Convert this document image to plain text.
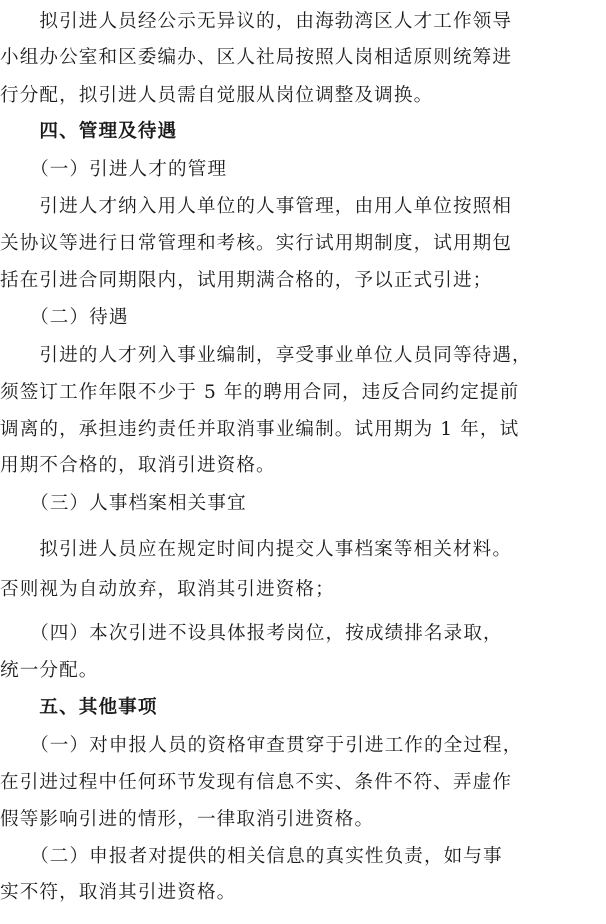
　　拟引进人员经公示无异议的，由海勃湾区人才工作领导
小组办公室和区委编办、区人社局按照人岗相适原则统筹进
行分配，拟引进人员需自觉服从岗位调整及调换。
　　四、管理及待遇
　　（一）引进人才的管理
　　引进人才纳入用人单位的人事管理，由用人单位按照相
关协议等进行日常管理和考核。实行试用期制度，试用期包
括在引进合同期限内，试用期满合格的，予以正式引进；
　　（二）待遇
　　引进的人才列入事业编制，享受事业单位人员同等待遇，
须签订工作年限不少于 5 年的聘用合同，违反合同约定提前
调离的，承担违约责任并取消事业编制。试用期为 1 年，试
用期不合格的，取消引进资格。
　　（三）人事档案相关事宜
　　拟引进人员应在规定时间内提交人事档案等相关材料。
否则视为自动放弃，取消其引进资格；
　　（四）本次引进不设具体报考岗位，按成绩排名录取，
统一分配。
　　五、其他事项
　　（一）对申报人员的资格审查贯穿于引进工作的全过程，
在引进过程中任何环节发现有信息不实、条件不符、弄虚作
假等影响引进的情形，一律取消引进资格。
　　（二）申报者对提供的相关信息的真实性负责，如与事
实不符，取消其引进资格。
